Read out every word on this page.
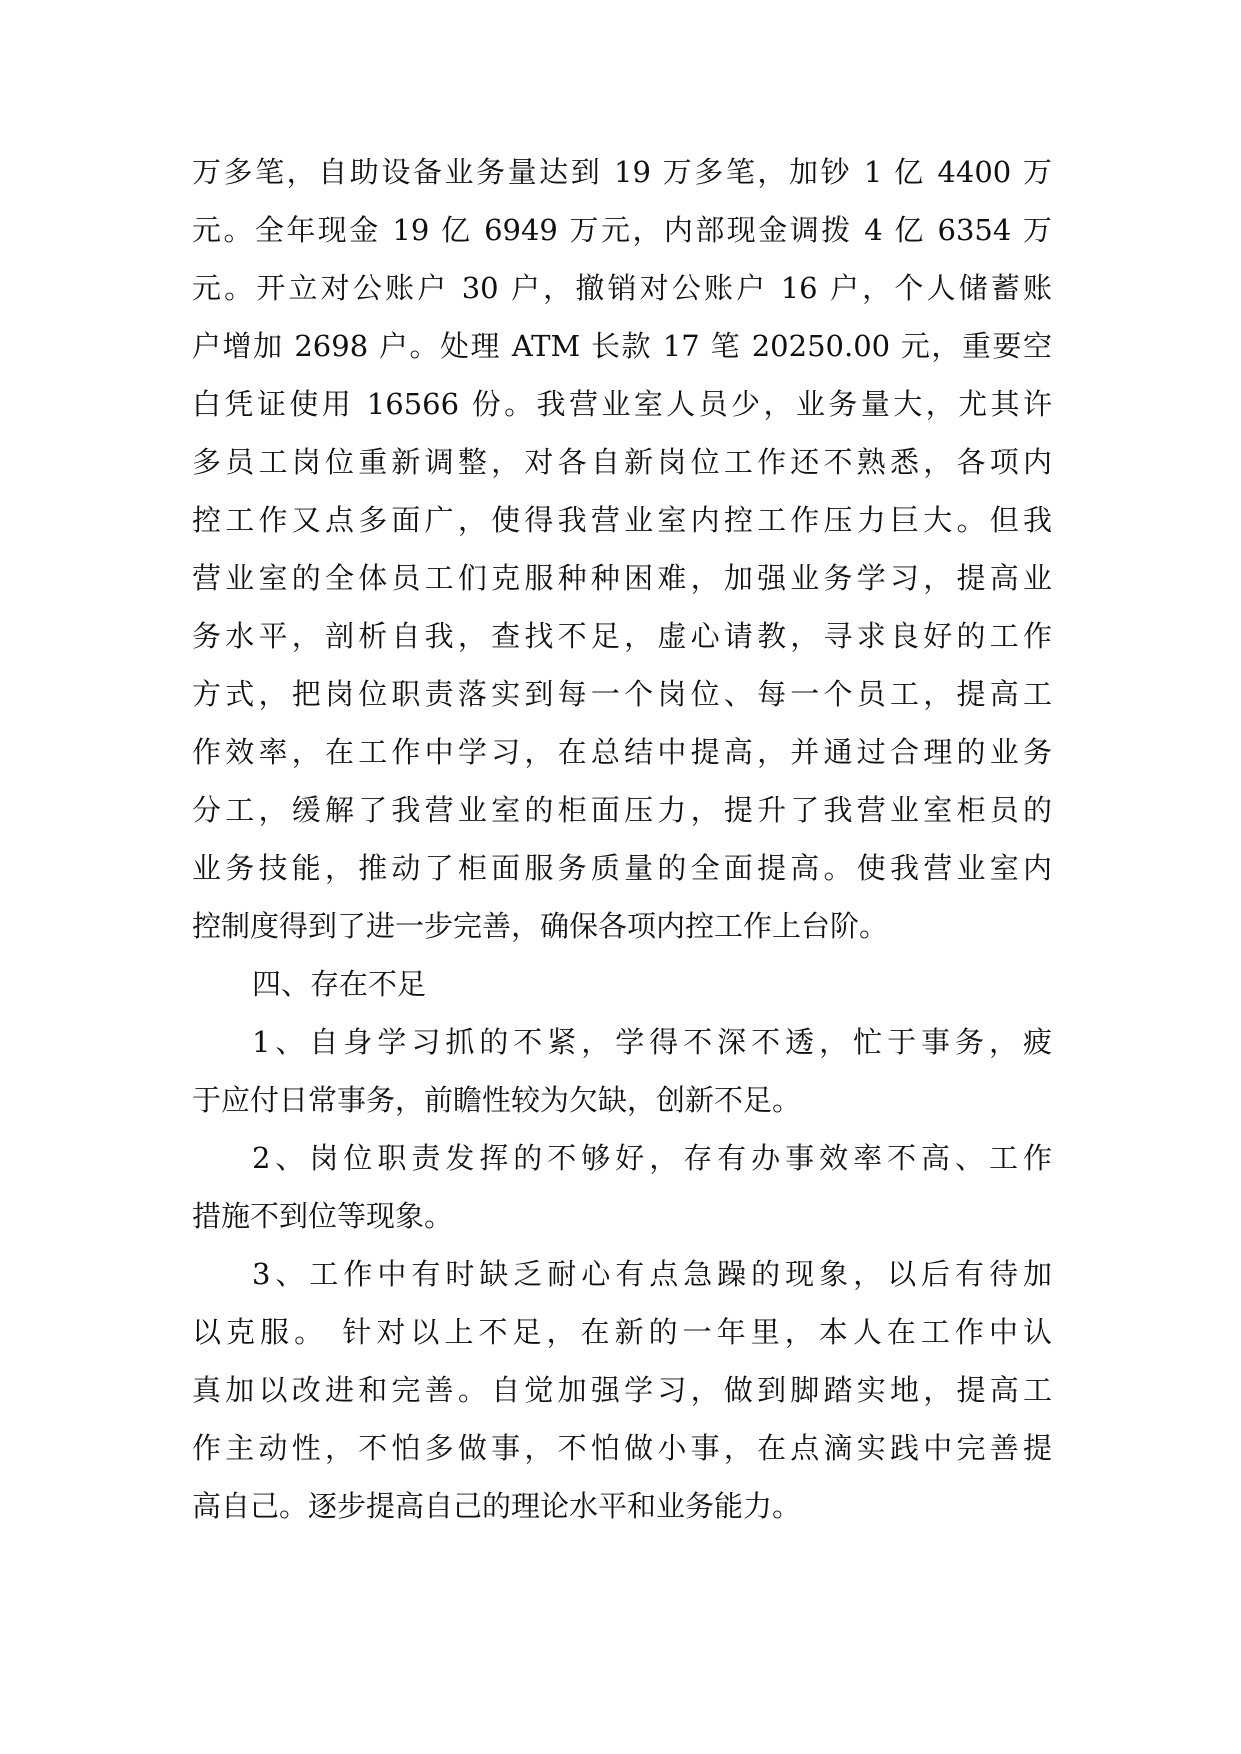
万多笔，自助设备业务量达到 19 万多笔，加钞 1 亿 4400 万
元。全年现金 19 亿 6949 万元，内部现金调拨 4 亿 6354 万
元。开立对公账户 30 户，撤销对公账户 16 户，个人储蓄账
户增加 2698 户。处理 ATM 长款 17 笔 20250.00 元，重要空
白凭证使用 16566 份。我营业室人员少，业务量大，尤其许
多员工岗位重新调整，对各自新岗位工作还不熟悉，各项内
控工作又点多面广，使得我营业室内控工作压力巨大。但我
营业室的全体员工们克服种种困难，加强业务学习，提高业
务水平，剖析自我，查找不足，虚心请教，寻求良好的工作
方式，把岗位职责落实到每一个岗位、每一个员工，提高工
作效率，在工作中学习，在总结中提高，并通过合理的业务
分工，缓解了我营业室的柜面压力，提升了我营业室柜员的
业务技能，推动了柜面服务质量的全面提高。使我营业室内
控制度得到了进一步完善，确保各项内控工作上台阶。
四、存在不足
1、自身学习抓的不紧，学得不深不透，忙于事务，疲
于应付日常事务，前瞻性较为欠缺，创新不足。
2、岗位职责发挥的不够好，存有办事效率不高、工作
措施不到位等现象。
3、工作中有时缺乏耐心有点急躁的现象，以后有待加
以克服。 针对以上不足，在新的一年里，本人在工作中认
真加以改进和完善。自觉加强学习，做到脚踏实地，提高工
作主动性，不怕多做事，不怕做小事，在点滴实践中完善提
高自己。逐步提高自己的理论水平和业务能力。
